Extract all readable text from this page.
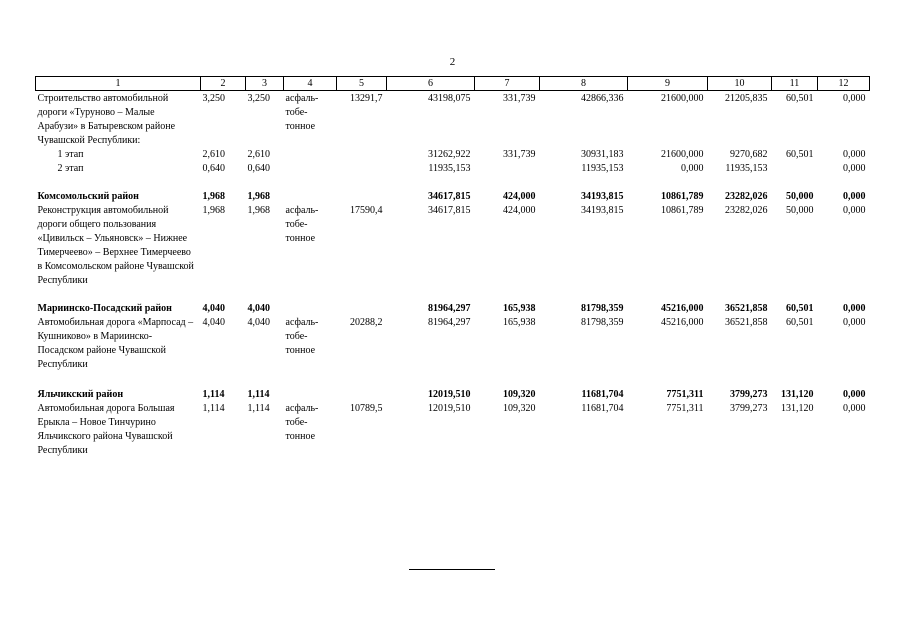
2
1	2	3	4	5	6	7	8	9	10	11	12
Строительство автомобильной дороги «Туруново – Малые Арабузи» в Батыревском районе Чувашской Республики:	3,250	3,250	асфаль-тобе-тонное	13291,7	43198,075	331,739	42866,336	21600,000	21205,835	60,501	0,000
1 этап	2,610	2,610			31262,922	331,739	30931,183	21600,000	9270,682	60,501	0,000
2 этап	0,640	0,640			11935,153		11935,153	0,000	11935,153		0,000

Комсомольский район	1,968	1,968			34617,815	424,000	34193,815	10861,789	23282,026	50,000	0,000
Реконструкция автомобильной дороги общего пользования «Цивильск – Ульяновск» – Нижнее Тимерчеево» – Верхнее Тимерчеево в Комсомольском районе Чувашской Республики	1,968	1,968	асфаль-тобе-тонное	17590,4	34617,815	424,000	34193,815	10861,789	23282,026	50,000	0,000

Мариинско-Посадский район	4,040	4,040			81964,297	165,938	81798,359	45216,000	36521,858	60,501	0,000
Автомобильная дорога «Марпосад – Кушниково» в Мариинско-Посадском районе Чувашской Республики	4,040	4,040	асфаль-тобе-тонное	20288,2	81964,297	165,938	81798,359	45216,000	36521,858	60,501	0,000

Яльчикский район	1,114	1,114			12019,510	109,320	11681,704	7751,311	3799,273	131,120	0,000
Автомобильная дорога Большая Ерыкла – Новое Тинчурино Яльчикского района Чувашской Республики	1,114	1,114	асфаль-тобе-тонное	10789,5	12019,510	109,320	11681,704	7751,311	3799,273	131,120	0,000
